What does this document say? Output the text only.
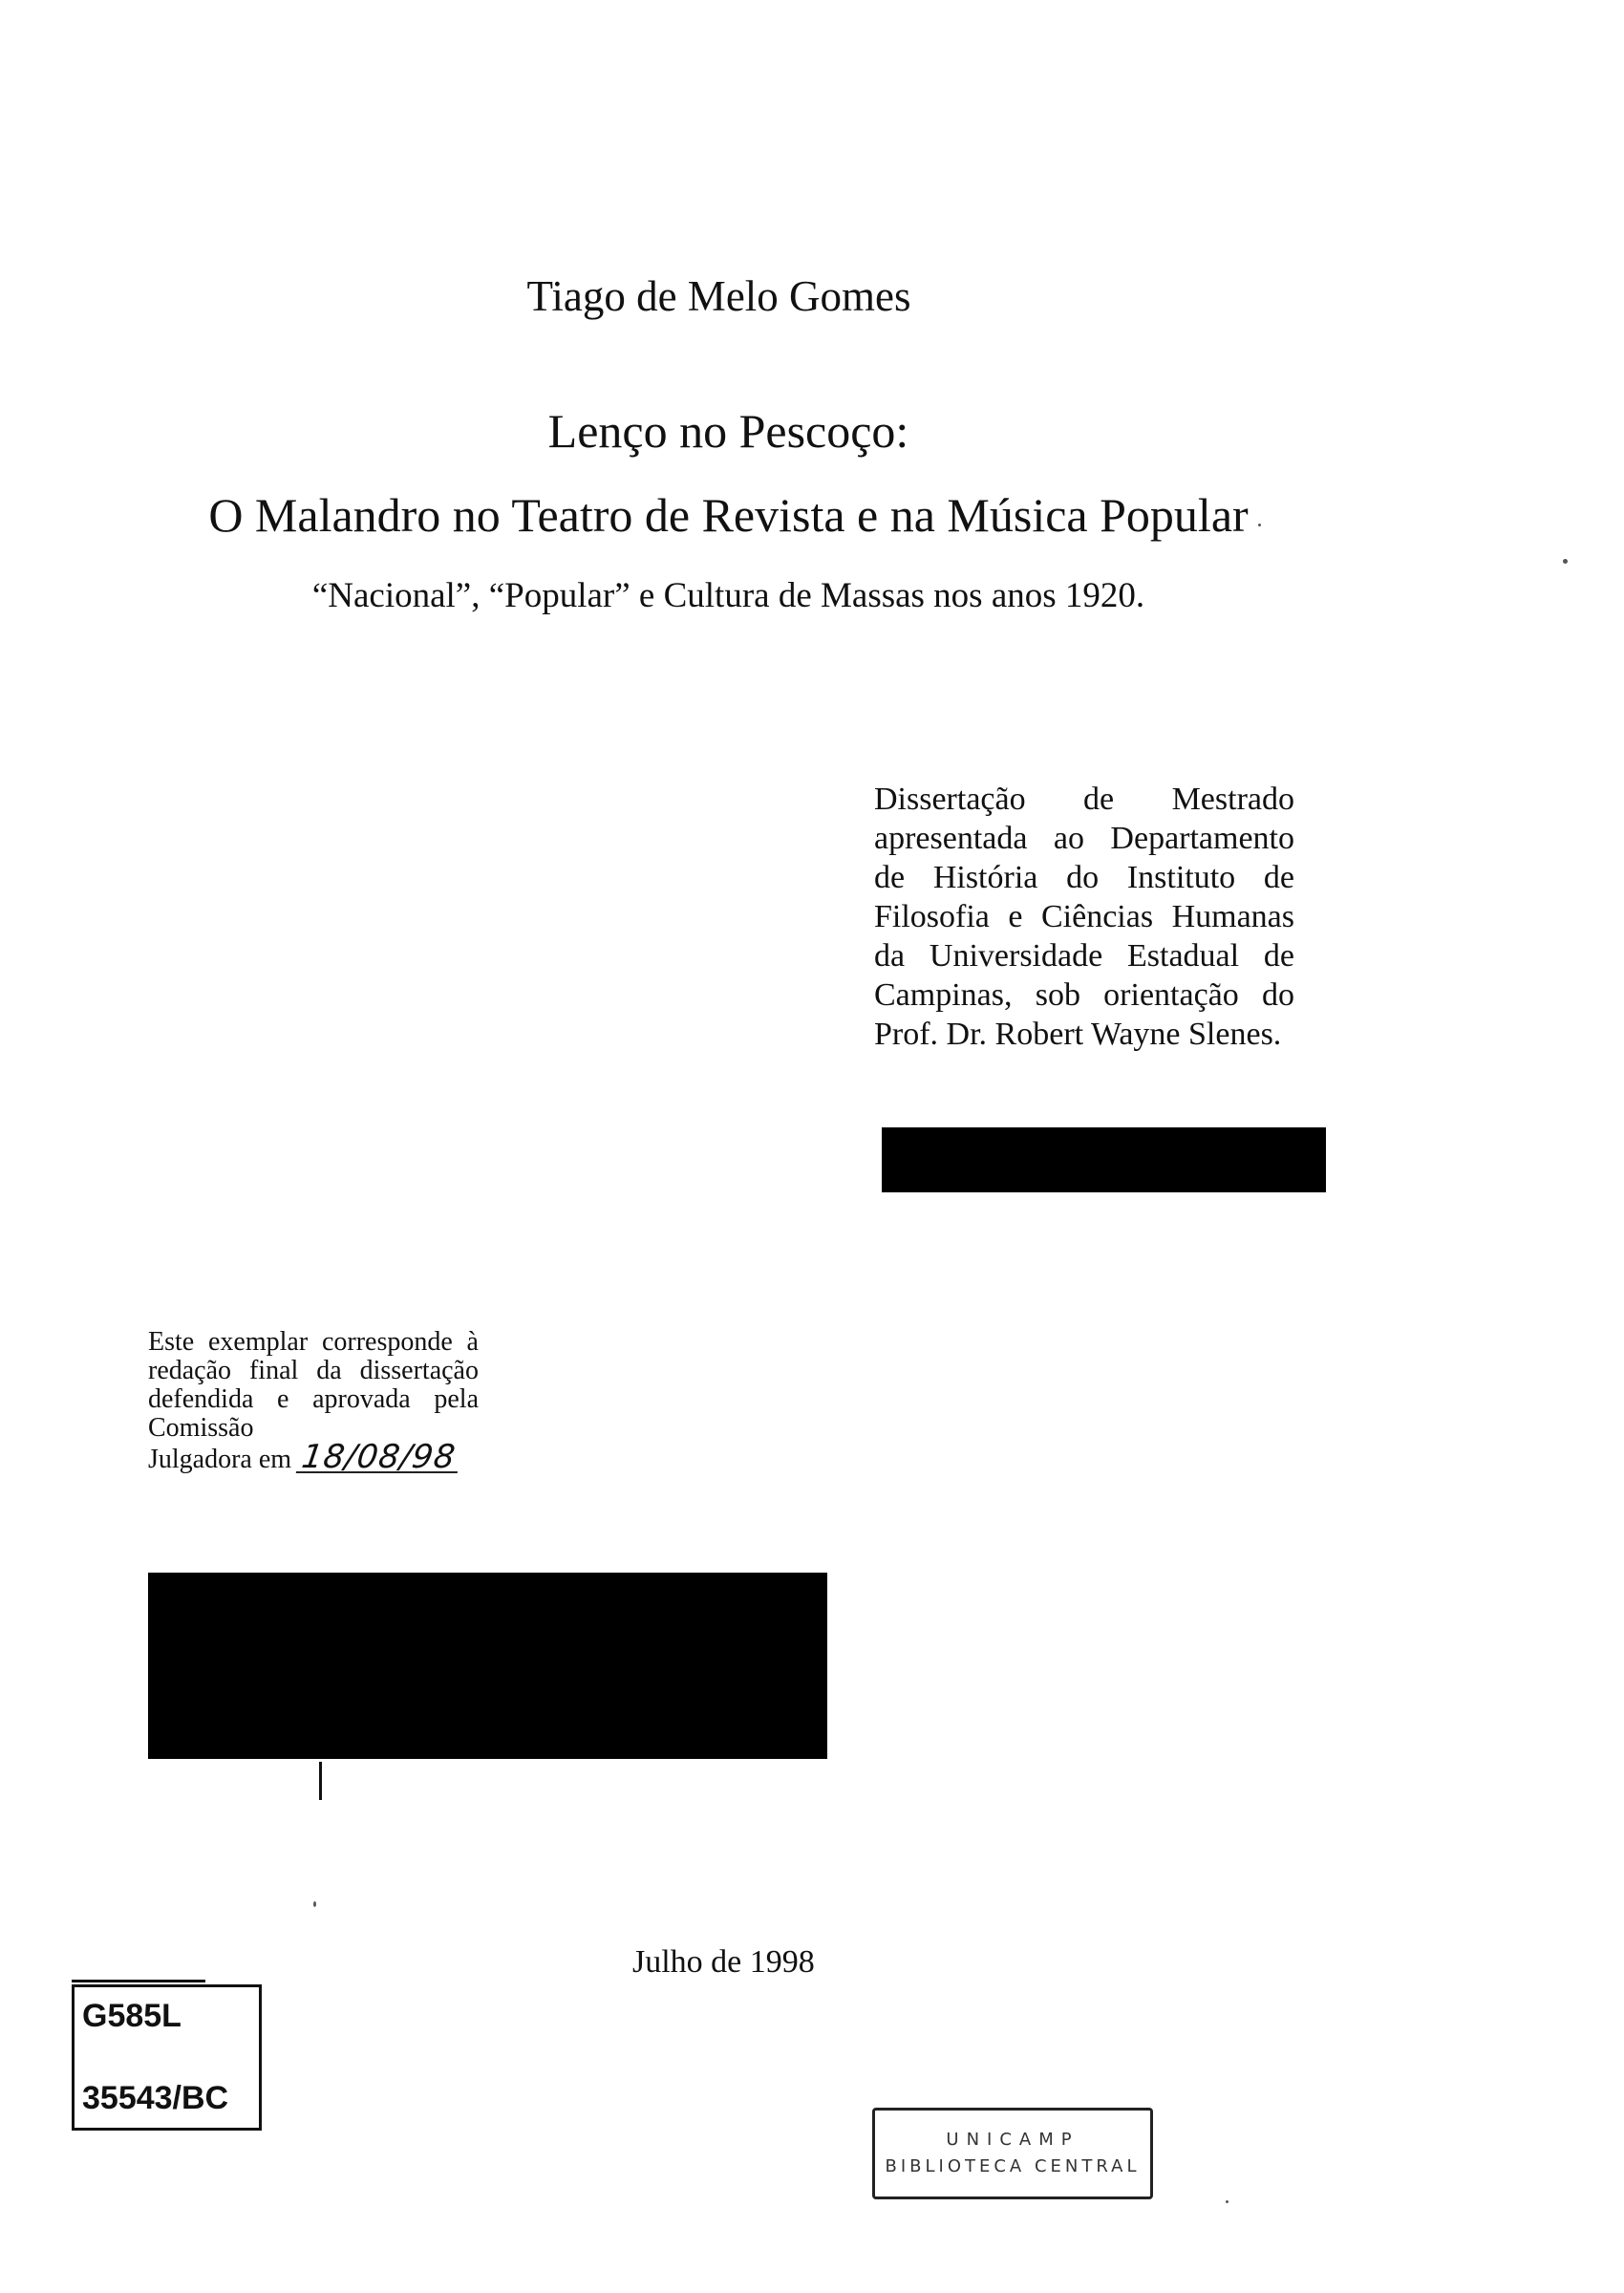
Tiago de Melo Gomes
Lenço no Pescoço:
O Malandro no Teatro de Revista e na Música Popular
“Nacional”, “Popular” e Cultura de Massas nos anos 1920.
Dissertação de Mestrado apresentada ao Departamento de História do Instituto de Filosofia e Ciências Humanas da Universidade Estadual de Campinas, sob orientação do Prof. Dr. Robert Wayne Slenes.
Este exemplar corresponde à redação final da dissertação defendida e aprovada pela Comissão
Julgadora em 18/08/98
Julho de 1998
G585L
35543/BC
UNICAMP
BIBLIOTECA CENTRAL
